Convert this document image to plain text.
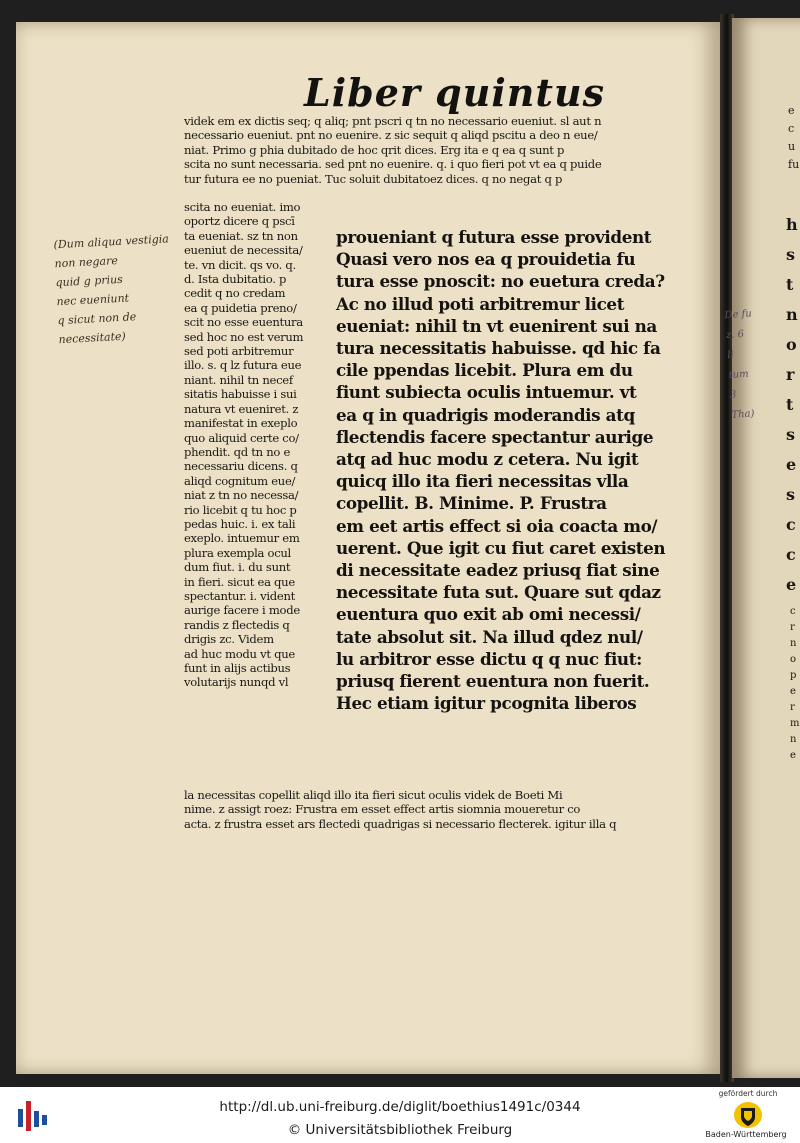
Liber quintus
videk em ex dictis seq; q aliq; pnt pscri q tn no necessario eueniut. sl aut n
necessario eueniut. pnt no euenire. z sic sequit q aliqd pscitu a deo n eue/
niat. Primo g phia dubitado de hoc qrit dices. Erg ita e q ea q sunt p
scita no sunt necessaria. sed pnt no euenire. q. i quo fieri pot vt ea q puide
tur futura ee no pueniat. Tuc soluit dubitatoez dices. q no negat q p
scita no eueniat. imo
oportz dicere q pscī
ta eueniat. sz tn non
eueniut de necessita/
te. vn dicit. qs vo. q.
d. Ista dubitatio. p
cedit q no credam
ea q puidetia preno/
scit no esse euentura
sed hoc no est verum
sed poti arbitremur
illo. s. q lz futura eue
niant. nihil tn necef
sitatis habuisse i sui
natura vt eueniret. z
manifestat in exeplo
quo aliquid certe co/
phendit. qd tn no e
necessariu dicens. q
aliqd cognitum eue/
niat z tn no necessa/
rio licebit q tu hoc p
pedas huic. i. ex tali
exeplo. intuemur em
plura exempla ocul
dum fiut. i. du sunt
in fieri. sicut ea que
spectantur. i. vident
aurige facere i mode
randis z flectedis q
drigis zc. Videm
ad huc modu vt que
funt in alijs actibus
volutarijs nunqd vl
proueniant q futura esse provident
Quasi vero nos ea q prouidetia fu
tura esse pnoscit: no euetura creda?
Ac no illud poti arbitremur licet
eueniat: nihil tn vt euenirent sui na
tura necessitatis habuisse. qd hic fa
cile ppendas licebit. Plura em du
fiunt subiecta oculis intuemur. vt
ea q in quadrigis moderandis atq
flectendis facere spectantur aurige
atq ad huc modu z cetera. Nu igit
quicq illo ita fieri necessitas vlla
copellit. B. Minime. P. Frustra
em eet artis effect si oia coacta mo/
uerent. Que igit cu fiut caret existen
di necessitate eadez priusq fiat sine
necessitate futa sut. Quare sut qdaz
euentura quo exit ab omi necessi/
tate absolut sit. Na illud qdez nul/
lu arbitror esse dictu q q nuc fiut:
priusq fierent euentura non fuerit.
Hec etiam igitur pcognita liberos
la necessitas copellit aliqd illo ita fieri sicut oculis videk de Boeti Mi
nime. z assigt roez: Frustra em esset effect artis siomnia moueretur co
acta. z frustra esset ars flectedi quadrigas si necessario flecterek. igitur illa q
(Dum aliqua vestigia
non negare
quid g prius
nec eueniunt
q sicut non de
necessitate)
De fu
z. 6
li
tum
3
Tha)
e
c
u
fu
h
s
t
n
o
r
t
s
e
s
c
c
e
c
r
n
o
p
e
r
m
n
e
http://dl.ub.uni-freiburg.de/diglit/boethius1491c/0344
© Universitätsbibliothek Freiburg
gefördert durch
Baden-Württemberg
